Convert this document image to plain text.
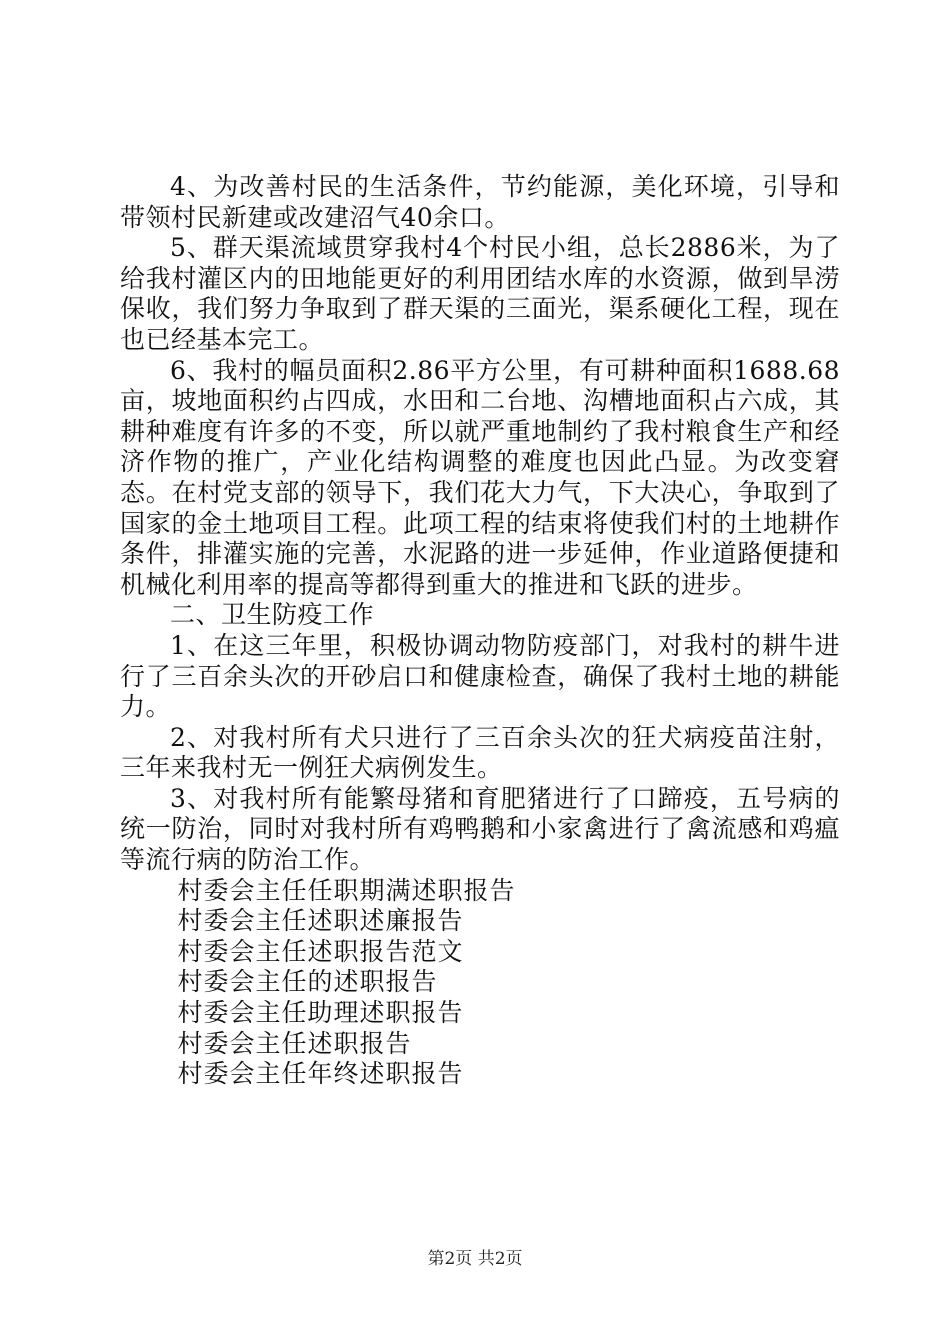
4、为改善村民的生活条件，节约能源，美化环境，引导和带领村民新建或改建沼气40余口。

5、群天渠流域贯穿我村4个村民小组，总长2886米，为了给我村灌区内的田地能更好的利用团结水库的水资源，做到旱涝保收，我们努力争取到了群天渠的三面光，渠系硬化工程，现在也已经基本完工。

6、我村的幅员面积2.86平方公里，有可耕种面积1688.68亩，坡地面积约占四成，水田和二台地、沟槽地面积占六成，其耕种难度有许多的不变，所以就严重地制约了我村粮食生产和经济作物的推广，产业化结构调整的难度也因此凸显。为改变窘态。在村党支部的领导下，我们花大力气，下大决心，争取到了国家的金土地项目工程。此项工程的结束将使我们村的土地耕作条件，排灌实施的完善，水泥路的进一步延伸，作业道路便捷和机械化利用率的提高等都得到重大的推进和飞跃的进步。

二、卫生防疫工作

1、在这三年里，积极协调动物防疫部门，对我村的耕牛进行了三百余头次的开砂启口和健康检查，确保了我村土地的耕能力。

2、对我村所有犬只进行了三百余头次的狂犬病疫苗注射，三年来我村无一例狂犬病例发生。

3、对我村所有能繁母猪和育肥猪进行了口蹄疫，五号病的统一防治，同时对我村所有鸡鸭鹅和小家禽进行了禽流感和鸡瘟等流行病的防治工作。

村委会主任任职期满述职报告

村委会主任述职述廉报告

村委会主任述职报告范文

村委会主任的述职报告

村委会主任助理述职报告

村委会主任述职报告

村委会主任年终述职报告

第2页 共2页
